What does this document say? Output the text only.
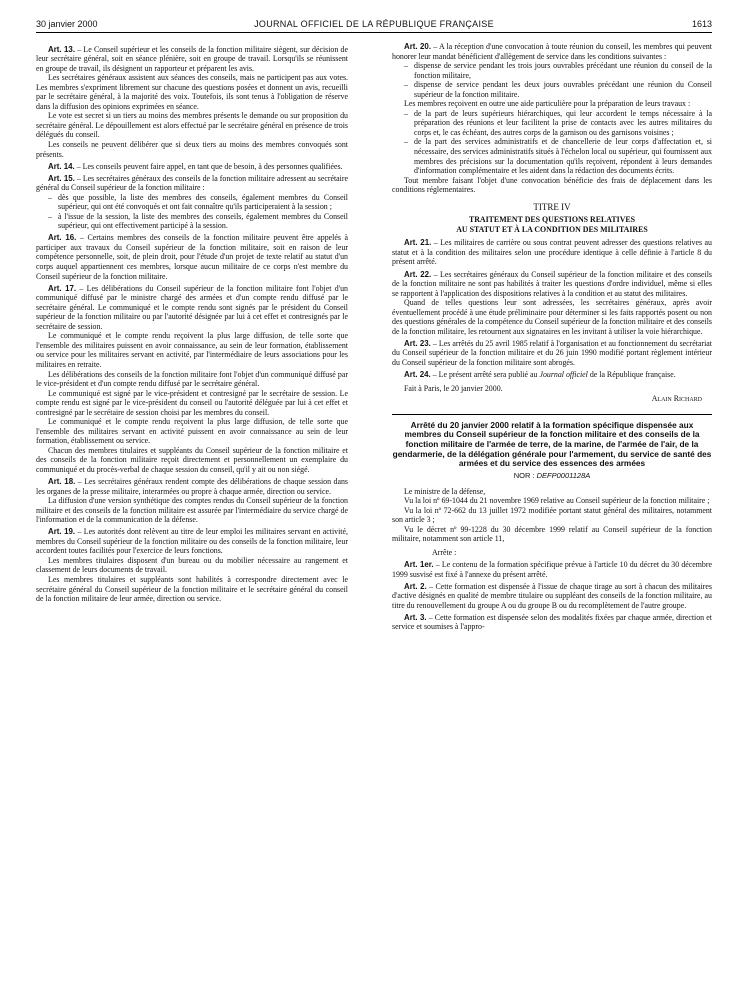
30 janvier 2000	JOURNAL OFFICIEL DE LA RÉPUBLIQUE FRANÇAISE	1613

Art. 13. – Le Conseil supérieur et les conseils de la fonction militaire siègent, sur décision de leur secrétaire général, soit en séance plénière, soit en groupe de travail. Lorsqu'ils se réunissent en groupe de travail, ils désignent un rapporteur et préparent les avis.

Les secrétaires généraux assistent aux séances des conseils, mais ne participent pas aux votes. Les membres s'expriment librement sur chacune des questions posées et donnent un avis, recueilli par le secrétaire général, à la majorité des voix. Toutefois, ils sont tenus à l'obligation de réserve dans la diffusion des opinions exprimées en séance.

Le vote est secret si un tiers au moins des membres présents le demande ou sur proposition du secrétaire général. Le dépouillement est alors effectué par le secrétaire général en présence de trois délégués du conseil.

Les conseils ne peuvent délibérer que si deux tiers au moins des membres convoqués sont présents.

Art. 14. – Les conseils peuvent faire appel, en tant que de besoin, à des personnes qualifiées.

Art. 15. – Les secrétaires généraux des conseils de la fonction militaire adressent au secrétaire général du Conseil supérieur de la fonction militaire :

– dès que possible, la liste des membres des conseils, également membres du Conseil supérieur, qui ont été convoqués et ont fait connaître qu'ils participeraient à la session ;
– à l'issue de la session, la liste des membres des conseils, également membres du Conseil supérieur, qui ont effectivement participé à la session.

Art. 16. – Certains membres des conseils de la fonction militaire peuvent être appelés à participer aux travaux du Conseil supérieur de la fonction militaire, soit en raison de leur compétence personnelle, soit, de plein droit, pour l'étude d'un projet de texte relatif au statut d'un corps auquel appartiennent ces membres, lorsque aucun militaire de ce corps n'est membre du Conseil supérieur de la fonction militaire.

Art. 17. – Les délibérations du Conseil supérieur de la fonction militaire font l'objet d'un communiqué diffusé par le ministre chargé des armées et d'un compte rendu diffusé par le secrétaire général. Le communiqué et le compte rendu sont signés par le président du Conseil supérieur de la fonction militaire ou par l'autorité désignée par lui à cet effet et contresignés par le secrétaire de session.

Le communiqué et le compte rendu reçoivent la plus large diffusion, de telle sorte que l'ensemble des militaires puissent en avoir connaissance, au sein de leur formation, établissement ou service pour les militaires servant en activité, par l'intermédiaire de leurs associations pour les militaires en retraite.

Les délibérations des conseils de la fonction militaire font l'objet d'un communiqué diffusé par le vice-président et d'un compte rendu diffusé par le secrétaire général.

Le communiqué est signé par le vice-président et contresigné par le secrétaire de session. Le compte rendu est signé par le vice-président du conseil ou l'autorité déléguée par lui à cet effet et contresigné par le secrétaire de session choisi par les membres du conseil.

Le communiqué et le compte rendu reçoivent la plus large diffusion, de telle sorte que l'ensemble des militaires servant en activité puissent en avoir connaissance au sein de leur formation, établissement ou service.

Chacun des membres titulaires et suppléants du Conseil supérieur de la fonction militaire et des conseils de la fonction militaire reçoit directement et personnellement un exemplaire du communiqué et du procès-verbal de chaque session du conseil, qu'il y ait ou non siégé.

Art. 18. – Les secrétaires généraux rendent compte des délibérations de chaque session dans les organes de la presse militaire, interarmées ou propre à chaque armée, direction ou service.

La diffusion d'une version synthétique des comptes rendus du Conseil supérieur de la fonction militaire et des conseils de la fonction militaire est assurée par l'intermédiaire du service chargé de l'information et de la communication de la défense.

Art. 19. – Les autorités dont relèvent au titre de leur emploi les militaires servant en activité, membres du Conseil supérieur de la fonction militaire ou des conseils de la fonction militaire, leur accordent toutes facilités pour l'exercice de leurs fonctions.

Les membres titulaires disposent d'un bureau ou du mobilier nécessaire au rangement et classement de leurs documents de travail.

Les membres titulaires et suppléants sont habilités à correspondre directement avec le secrétaire général du Conseil supérieur de la fonction militaire et le secrétaire général du conseil de la fonction militaire de leur armée, direction ou service.

Art. 20. – A la réception d'une convocation à toute réunion du conseil, les membres qui peuvent honorer leur mandat bénéficient d'allègement de service dans les conditions suivantes :

– dispense de service pendant les trois jours ouvrables précédant une réunion du conseil de la fonction militaire,
– dispense de service pendant les deux jours ouvrables précédant une réunion du Conseil supérieur de la fonction militaire.

Les membres reçoivent en outre une aide particulière pour la préparation de leurs travaux :

– de la part de leurs supérieurs hiérarchiques, qui leur accordent le temps nécessaire à la préparation des réunions et leur facilitent la prise de contacts avec les autres militaires du corps et, le cas échéant, des autres corps de la garnison ou des garnisons voisines ;
– de la part des services administratifs et de chancellerie de leur corps d'affectation et, si nécessaire, des services administratifs situés à l'échelon local ou supérieur, qui fournissent aux membres des précisions sur la documentation qu'ils reçoivent, répondent à leurs demandes d'information complémentaire et les aident dans la rédaction des documents écrits.

Tout membre faisant l'objet d'une convocation bénéficie des frais de déplacement dans les conditions réglementaires.

TITRE IV
TRAITEMENT DES QUESTIONS RELATIVES
AU STATUT ET À LA CONDITION DES MILITAIRES

Art. 21. – Les militaires de carrière ou sous contrat peuvent adresser des questions relatives au statut et à la condition des militaires selon une procédure identique à celle définie à l'article 8 du présent arrêté.

Art. 22. – Les secrétaires généraux du Conseil supérieur de la fonction militaire et des conseils de la fonction militaire ne sont pas habilités à traiter les questions d'ordre individuel, même si elles se rapportent à l'application des dispositions relatives à la condition et au statut des militaires.

Quand de telles questions leur sont adressées, les secrétaires généraux, après avoir éventuellement procédé à une étude préliminaire pour déterminer si les faits rapportés posent ou non des questions générales de la compétence du Conseil supérieur de la fonction militaire et des conseils de la fonction militaire, les retournent aux signataires en les invitant à utiliser la voie hiérarchique.

Art. 23. – Les arrêtés du 25 avril 1985 relatif à l'organisation et au fonctionnement du secrétariat du Conseil supérieur de la fonction militaire et du 26 juin 1990 modifié portant règlement intérieur du Conseil supérieur de la fonction militaire sont abrogés.

Art. 24. – Le présent arrêté sera publié au Journal officiel de la République française.

Fait à Paris, le 20 janvier 2000.

Alain Richard

Arrêté du 20 janvier 2000 relatif à la formation spécifique dispensée aux membres du Conseil supérieur de la fonction militaire et des conseils de la fonction militaire de l'armée de terre, de la marine, de l'armée de l'air, de la gendarmerie, de la délégation générale pour l'armement, du service de santé des armées et du service des essences des armées
NOR : DEFP0001128A

Le ministre de la défense,

Vu la loi nº 69-1044 du 21 novembre 1969 relative au Conseil supérieur de la fonction militaire ;

Vu la loi nº 72-662 du 13 juillet 1972 modifiée portant statut général des militaires, notamment son article 3 ;

Vu le décret nº 99-1228 du 30 décembre 1999 relatif au Conseil supérieur de la fonction militaire, notamment son article 11,

Arrête :

Art. 1er. – Le contenu de la formation spécifique prévue à l'article 10 du décret du 30 décembre 1999 susvisé est fixé à l'annexe du présent arrêté.

Art. 2. – Cette formation est dispensée à l'issue de chaque tirage au sort à chacun des militaires d'active désignés en qualité de membre titulaire ou suppléant des conseils de la fonction militaire, au titre du renouvellement du groupe A ou du groupe B ou du recomplètement de l'autre groupe.

Art. 3. – Cette formation est dispensée selon des modalités fixées par chaque armée, direction et service et soumises à l'appro-
